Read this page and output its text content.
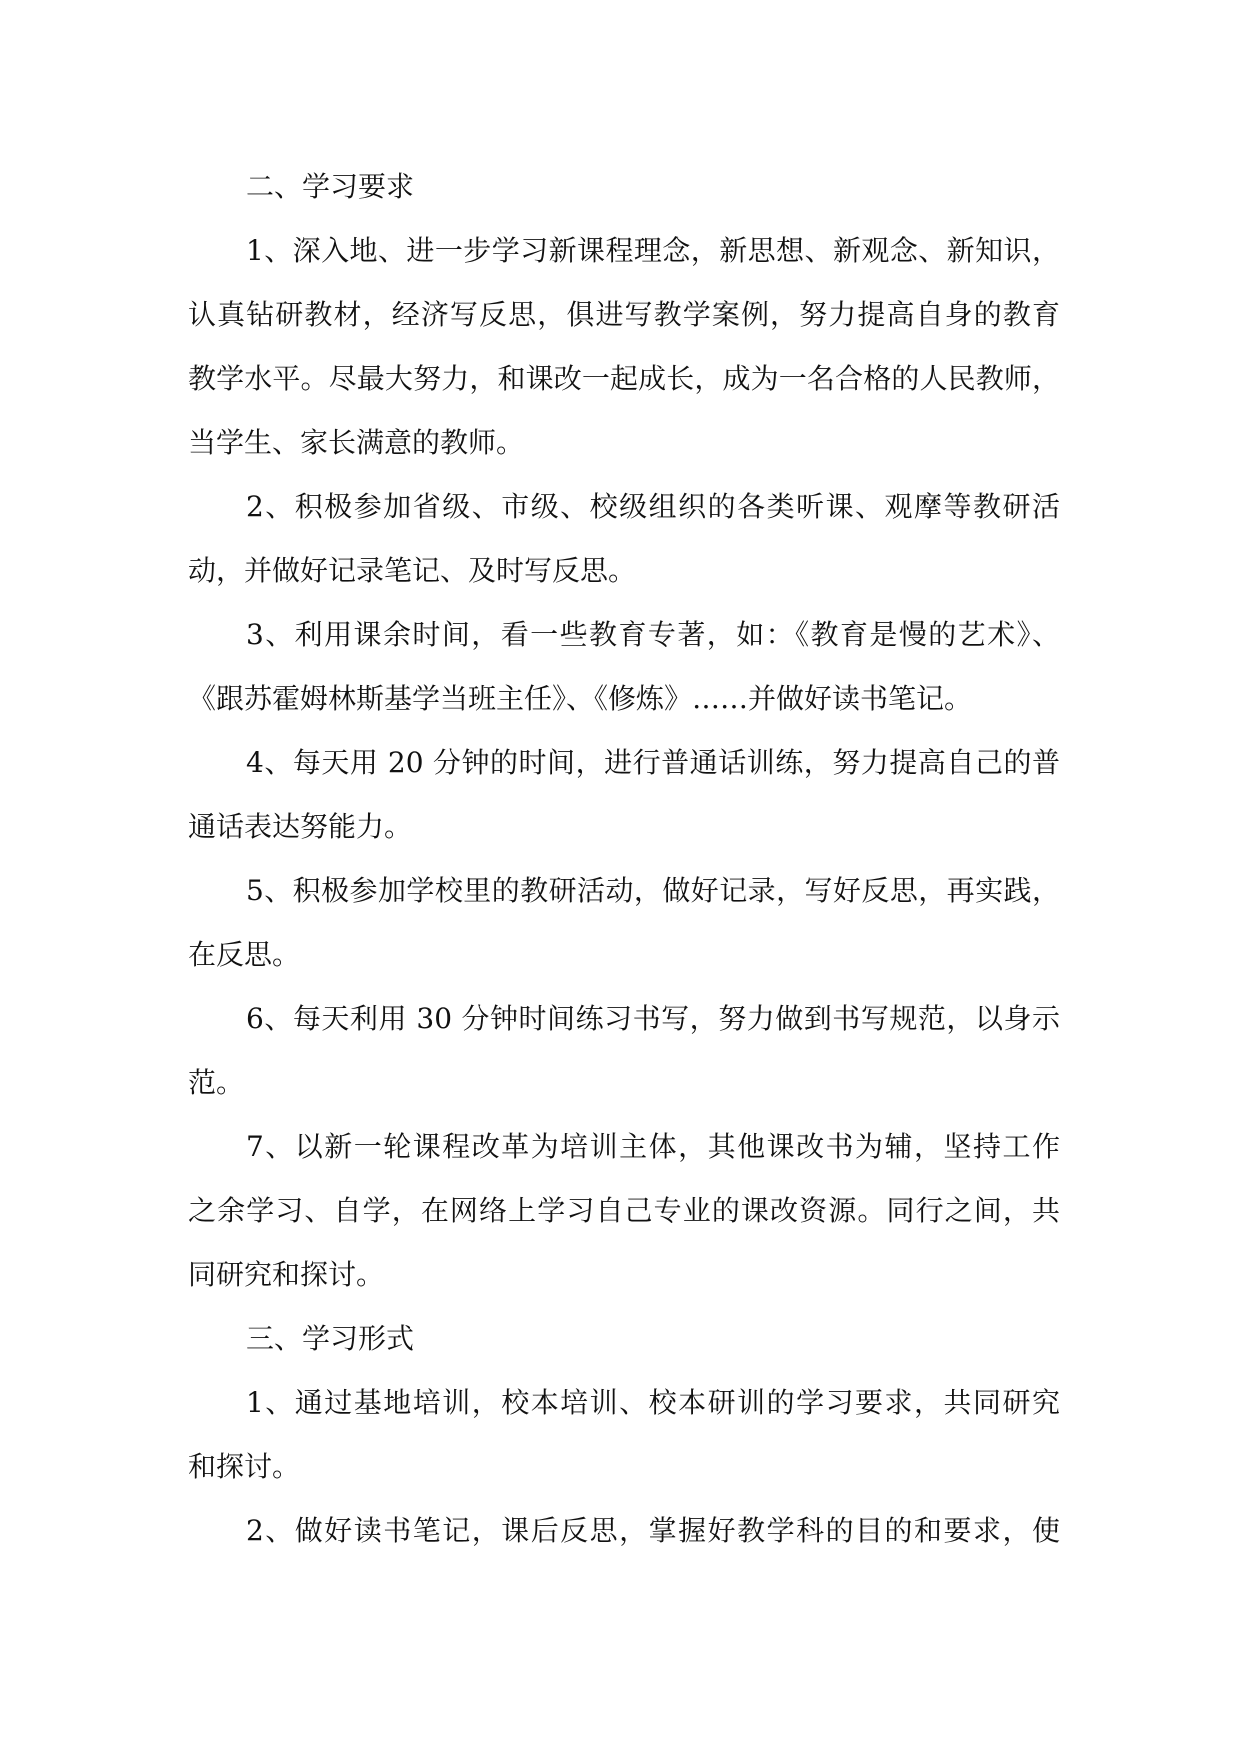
二、学习要求
1、深入地、进一步学习新课程理念，新思想、新观念、新知识，
认真钻研教材，经济写反思，俱进写教学案例，努力提高自身的教育
教学水平。尽最大努力，和课改一起成长，成为一名合格的人民教师，
当学生、家长满意的教师。
2、积极参加省级、市级、校级组织的各类听课、观摩等教研活
动，并做好记录笔记、及时写反思。
3、利用课余时间，看一些教育专著，如：《教育是慢的艺术》、
《跟苏霍姆林斯基学当班主任》、《修炼》……并做好读书笔记。
4、每天用 20 分钟的时间，进行普通话训练，努力提高自己的普
通话表达努能力。
5、积极参加学校里的教研活动，做好记录，写好反思，再实践，
在反思。
6、每天利用 30 分钟时间练习书写，努力做到书写规范，以身示
范。
7、以新一轮课程改革为培训主体，其他课改书为辅，坚持工作
之余学习、自学，在网络上学习自己专业的课改资源。同行之间，共
同研究和探讨。
三、学习形式
1、通过基地培训，校本培训、校本研训的学习要求，共同研究
和探讨。
2、做好读书笔记，课后反思，掌握好教学科的目的和要求，使
